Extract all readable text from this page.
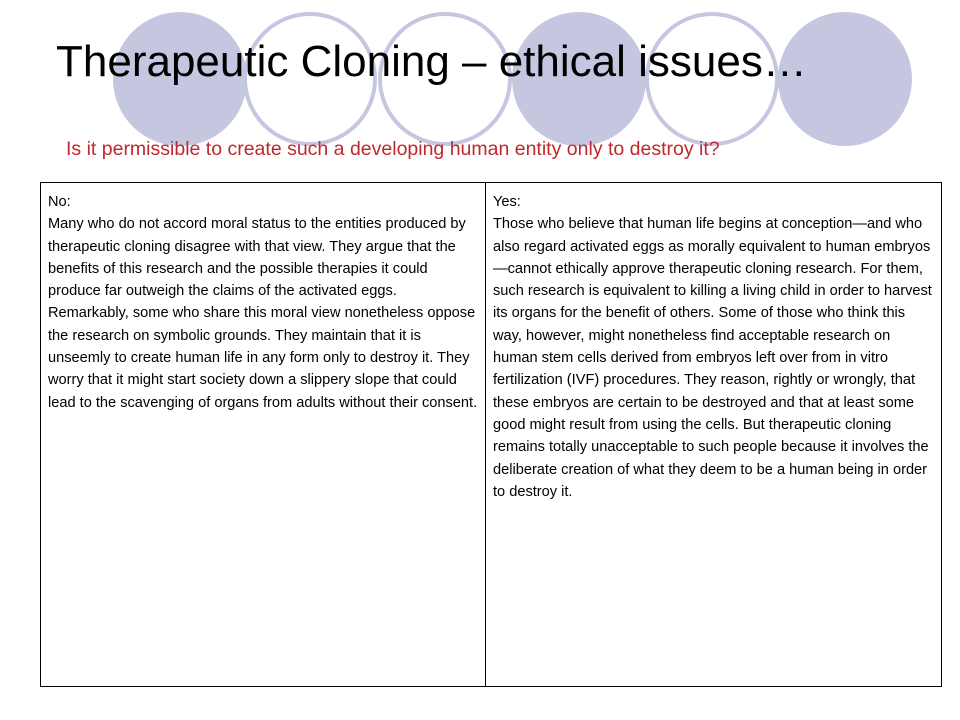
Therapeutic Cloning – ethical issues…

Is it permissible to create such a developing human entity only to destroy it?

No:
Many who do not accord moral status to the entities produced by therapeutic cloning disagree with that view. They argue that the benefits of this research and the possible therapies it could produce far outweigh the claims of the activated eggs.
Remarkably, some who share this moral view nonetheless oppose the research on symbolic grounds. They maintain that it is unseemly to create human life in any form only to destroy it. They worry that it might start society down a slippery slope that could lead to the scavenging of organs from adults without their consent.

Yes:
Those who believe that human life begins at conception—and who also regard activated eggs as morally equivalent to human embryos—cannot ethically approve therapeutic cloning research. For them, such research is equivalent to killing a living child in order to harvest its organs for the benefit of others. Some of those who think this way, however, might nonetheless find acceptable research on human stem cells derived from embryos left over from in vitro fertilization (IVF) procedures. They reason, rightly or wrongly, that these embryos are certain to be destroyed and that at least some good might result from using the cells. But therapeutic cloning remains totally unacceptable to such people because it involves the deliberate creation of what they deem to be a human being in order to destroy it.
